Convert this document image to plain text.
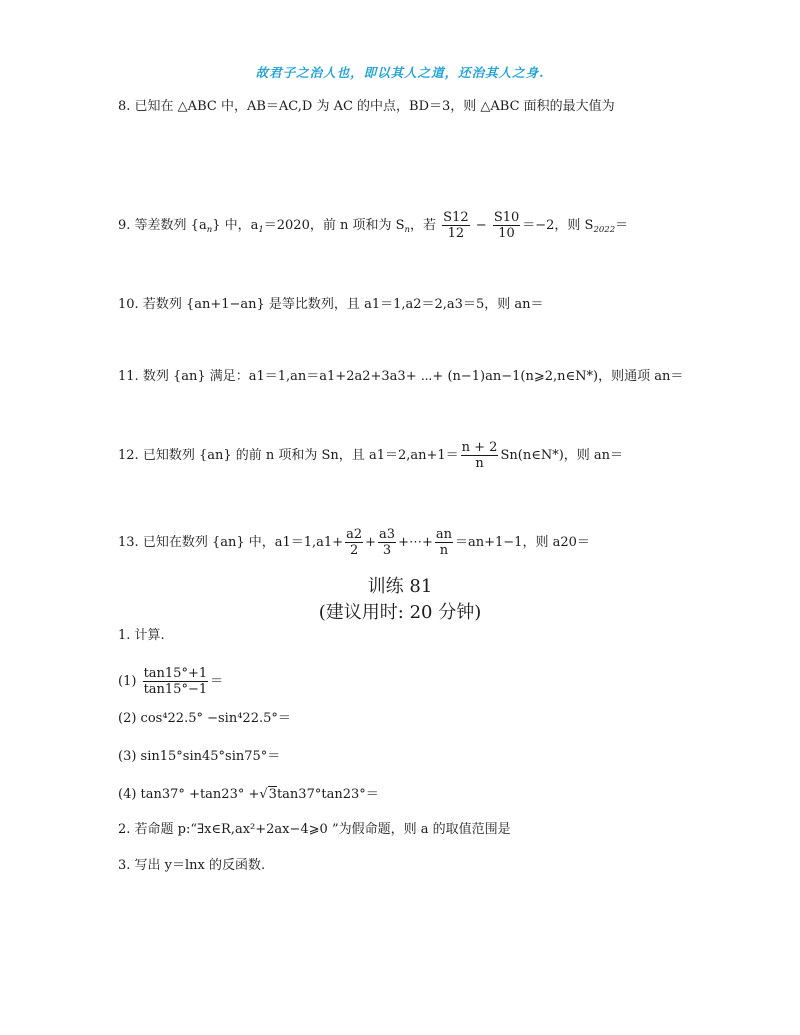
故君子之治人也，即以其人之道，还治其人之身.
8. 已知在 △ABC 中，AB＝AC,D 为 AC 的中点，BD＝3，则 △ABC 面积的最大值为
9. 等差数列 $\{a_n\}$ 中，$a_1=2020$，前 n 项和为 $S_n$，若 $\frac{S12}{12} - \frac{S10}{10} =-2$，则 $S_{2022}=$
10. 若数列 {an+1−an} 是等比数列，且 a1＝1,a2＝2,a3＝5，则 an＝
11. 数列 {an} 满足：a1＝1,an＝a1+2a2+3a3+ ⋯+ (n−1)an−1(n⩾2,n∈N*)，则通项 an＝
12. 已知数列 {an} 的前 n 项和为 Sn，且 $a1=2,an+1= \frac{n + 2}{n}$ Sn(n∈N*)，则 an＝
13. 已知在数列 {an} 中，$a1=1,a1+ \frac{a2}{2} + \frac{a3}{3}$ +⋯+ $\frac{an}{n} =an+1-1$，则 a20＝
训练 81
(建议用时: 20 分钟)
1. 计算.
$(1) \frac{\tan 15^\circ+1}{\tan 15^\circ-1}$ ＝
(2) cos⁴22.5° −sin⁴22.5°＝
(3) sin15°sin45°sin75°＝
(4) tan37° +tan23° +√3tan37°tan23°＝
2. 若命题 p:“∃x∈R,ax²+2ax−4⩾0 ”为假命题，则 a 的取值范围是
3. 写出 y＝lnx 的反函数.
